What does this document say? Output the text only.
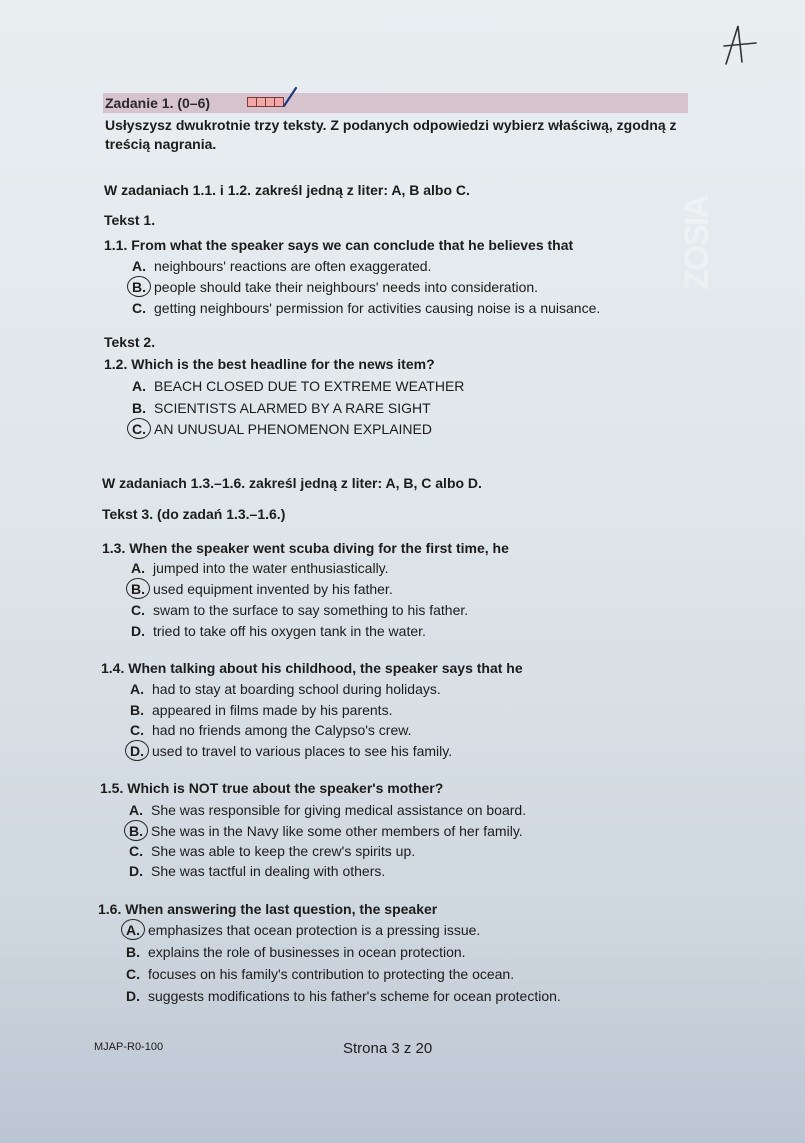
ZOSIA
Zadanie 1. (0–6)
Usłyszysz dwukrotnie trzy teksty. Z podanych odpowiedzi wybierz właściwą, zgodną z treścią nagrania.
W zadaniach 1.1. i 1.2. zakreśl jedną z liter: A, B albo C.
Tekst 1.
1.1. From what the speaker says we can conclude that he believes that
A. neighbours' reactions are often exaggerated.
B. people should take their neighbours' needs into consideration.
C. getting neighbours' permission for activities causing noise is a nuisance.
Tekst 2.
1.2. Which is the best headline for the news item?
A. BEACH CLOSED DUE TO EXTREME WEATHER
B. SCIENTISTS ALARMED BY A RARE SIGHT
C. AN UNUSUAL PHENOMENON EXPLAINED
W zadaniach 1.3.–1.6. zakreśl jedną z liter: A, B, C albo D.
Tekst 3. (do zadań 1.3.–1.6.)
1.3. When the speaker went scuba diving for the first time, he
A. jumped into the water enthusiastically.
B. used equipment invented by his father.
C. swam to the surface to say something to his father.
D. tried to take off his oxygen tank in the water.
1.4. When talking about his childhood, the speaker says that he
A. had to stay at boarding school during holidays.
B. appeared in films made by his parents.
C. had no friends among the Calypso's crew.
D. used to travel to various places to see his family.
1.5. Which is NOT true about the speaker's mother?
A. She was responsible for giving medical assistance on board.
B. She was in the Navy like some other members of her family.
C. She was able to keep the crew's spirits up.
D. She was tactful in dealing with others.
1.6. When answering the last question, the speaker
A. emphasizes that ocean protection is a pressing issue.
B. explains the role of businesses in ocean protection.
C. focuses on his family's contribution to protecting the ocean.
D. suggests modifications to his father's scheme for ocean protection.
MJAP-R0-100	Strona 3 z 20
